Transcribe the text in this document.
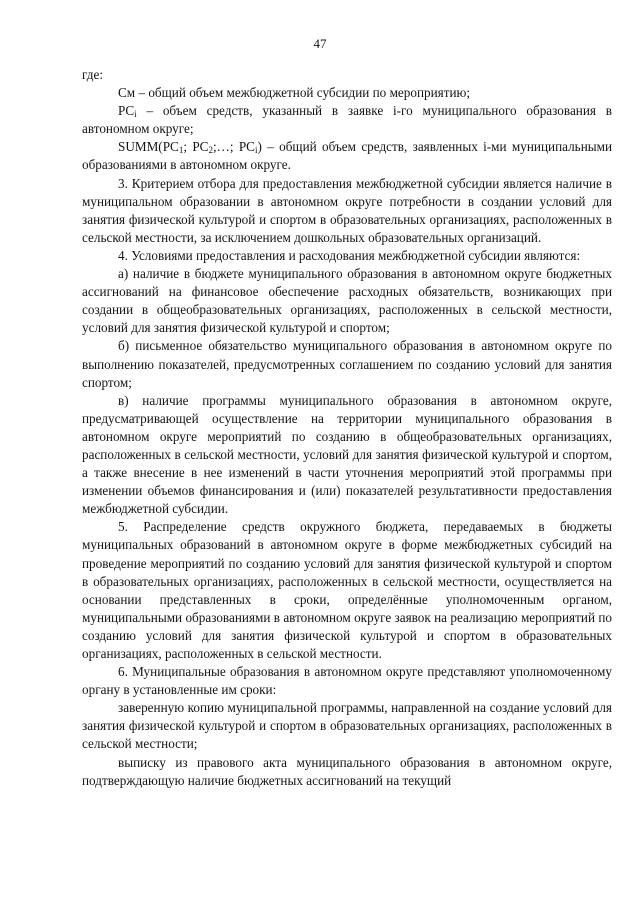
47

где:

См – общий объем межбюджетной субсидии по мероприятию;

$PC_i$ – объем средств, указанный в заявке i-го муниципального образования в автономном округе;

$SUMM(PC_1$; $PC_2;\dots$; $PC_i$) – общий объем средств, заявленных i-ми муниципальными образованиями в автономном округе.

3. Критерием отбора для предоставления межбюджетной субсидии является наличие в муниципальном образовании в автономном округе потребности в создании условий для занятия физической культурой и спортом в образовательных организациях, расположенных в сельской местности, за исключением дошкольных образовательных организаций.

4. Условиями предоставления и расходования межбюджетной субсидии являются:

а) наличие в бюджете муниципального образования в автономном округе бюджетных ассигнований на финансовое обеспечение расходных обязательств, возникающих при создании в общеобразовательных организациях, расположенных в сельской местности, условий для занятия физической культурой и спортом;

б) письменное обязательство муниципального образования в автономном округе по выполнению показателей, предусмотренных соглашением по созданию условий для занятия спортом;

в) наличие программы муниципального образования в автономном округе, предусматривающей осуществление на территории муниципального образования в автономном округе мероприятий по созданию в общеобразовательных организациях, расположенных в сельской местности, условий для занятия физической культурой и спортом, а также внесение в нее изменений в части уточнения мероприятий этой программы при изменении объемов финансирования и (или) показателей результативности предоставления межбюджетной субсидии.

5. Распределение средств окружного бюджета, передаваемых в бюджеты муниципальных образований в автономном округе в форме межбюджетных субсидий на проведение мероприятий по созданию условий для занятия физической культурой и спортом в образовательных организациях, расположенных в сельской местности, осуществляется на основании представленных в сроки, определённые уполномоченным органом, муниципальными образованиями в автономном округе заявок на реализацию мероприятий по созданию условий для занятия физической культурой и спортом в образовательных организациях, расположенных в сельской местности.

6. Муниципальные образования в автономном округе представляют уполномоченному органу в установленные им сроки:

заверенную копию муниципальной программы, направленной на создание условий для занятия физической культурой и спортом в образовательных организациях, расположенных в сельской местности;

выписку из правового акта муниципального образования в автономном округе, подтверждающую наличие бюджетных ассигнований на текущий
